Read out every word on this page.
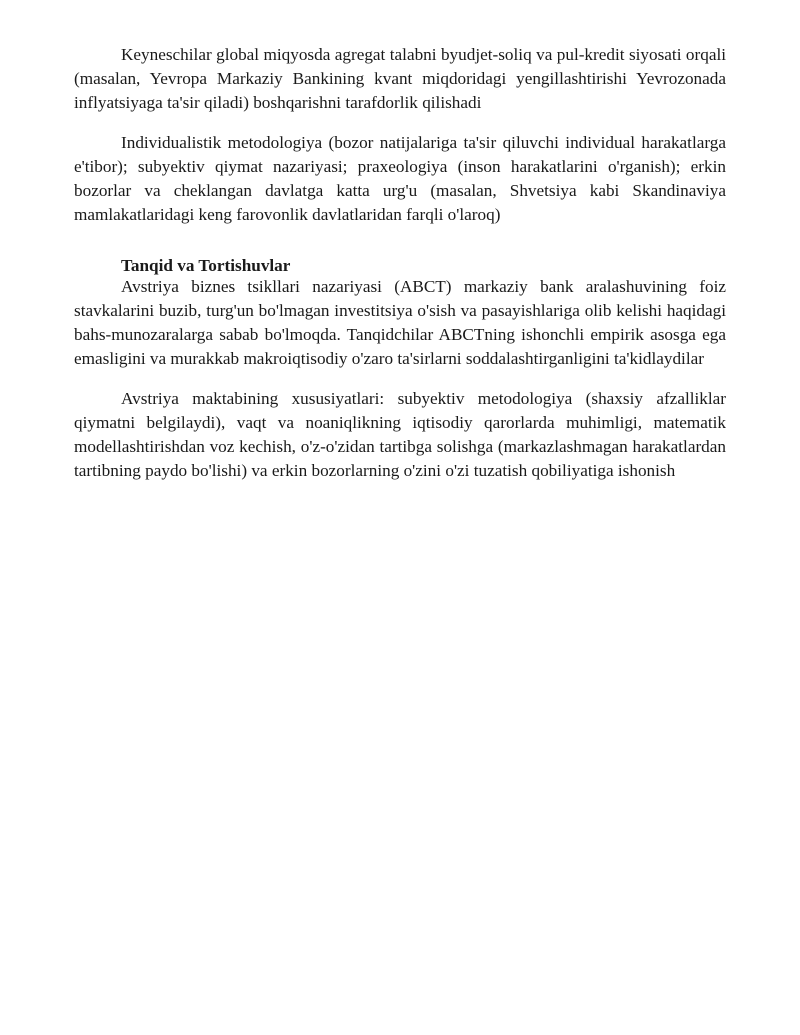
Keyneschilar global miqyosda agregat talabni byudjet-soliq va pul-kredit siyosati orqali (masalan, Yevropa Markaziy Bankining kvant miqdoridagi yengillashtirishi Yevrozonada inflyatsiyaga ta'sir qiladi) boshqarishni tarafdorlik qilishadi

Individualistik metodologiya (bozor natijalariga ta'sir qiluvchi individual harakatlarga e'tibor); subyektiv qiymat nazariyasi; praxeologiya (inson harakatlarini o'rganish); erkin bozorlar va cheklangan davlatga katta urg'u (masalan, Shvetsiya kabi Skandinaviya mamlakatlaridagi keng farovonlik davlatlaridan farqli o'laroq)

Tanqid va Tortishuvlar

Avstriya biznes tsikllari nazariyasi (ABCT) markaziy bank aralashuvining foiz stavkalarini buzib, turg'un bo'lmagan investitsiya o'sish va pasayishlariga olib kelishi haqidagi bahs-munozaralarga sabab bo'lmoqda. Tanqidchilar ABCTning ishonchli empirik asosga ega emasligini va murakkab makroiqtisodiy o'zaro ta'sirlarni soddalashtirganligini ta'kidlaydilar

Avstriya maktabining xususiyatlari: subyektiv metodologiya (shaxsiy afzalliklar qiymatni belgilaydi), vaqt va noaniqlikning iqtisodiy qarorlarda muhimligi, matematik modellashtirishdan voz kechish, o'z-o'zidan tartibga solishga (markazlashmagan harakatlardan tartibning paydo bo'lishi) va erkin bozorlarning o'zini o'zi tuzatish qobiliyatiga ishonish
